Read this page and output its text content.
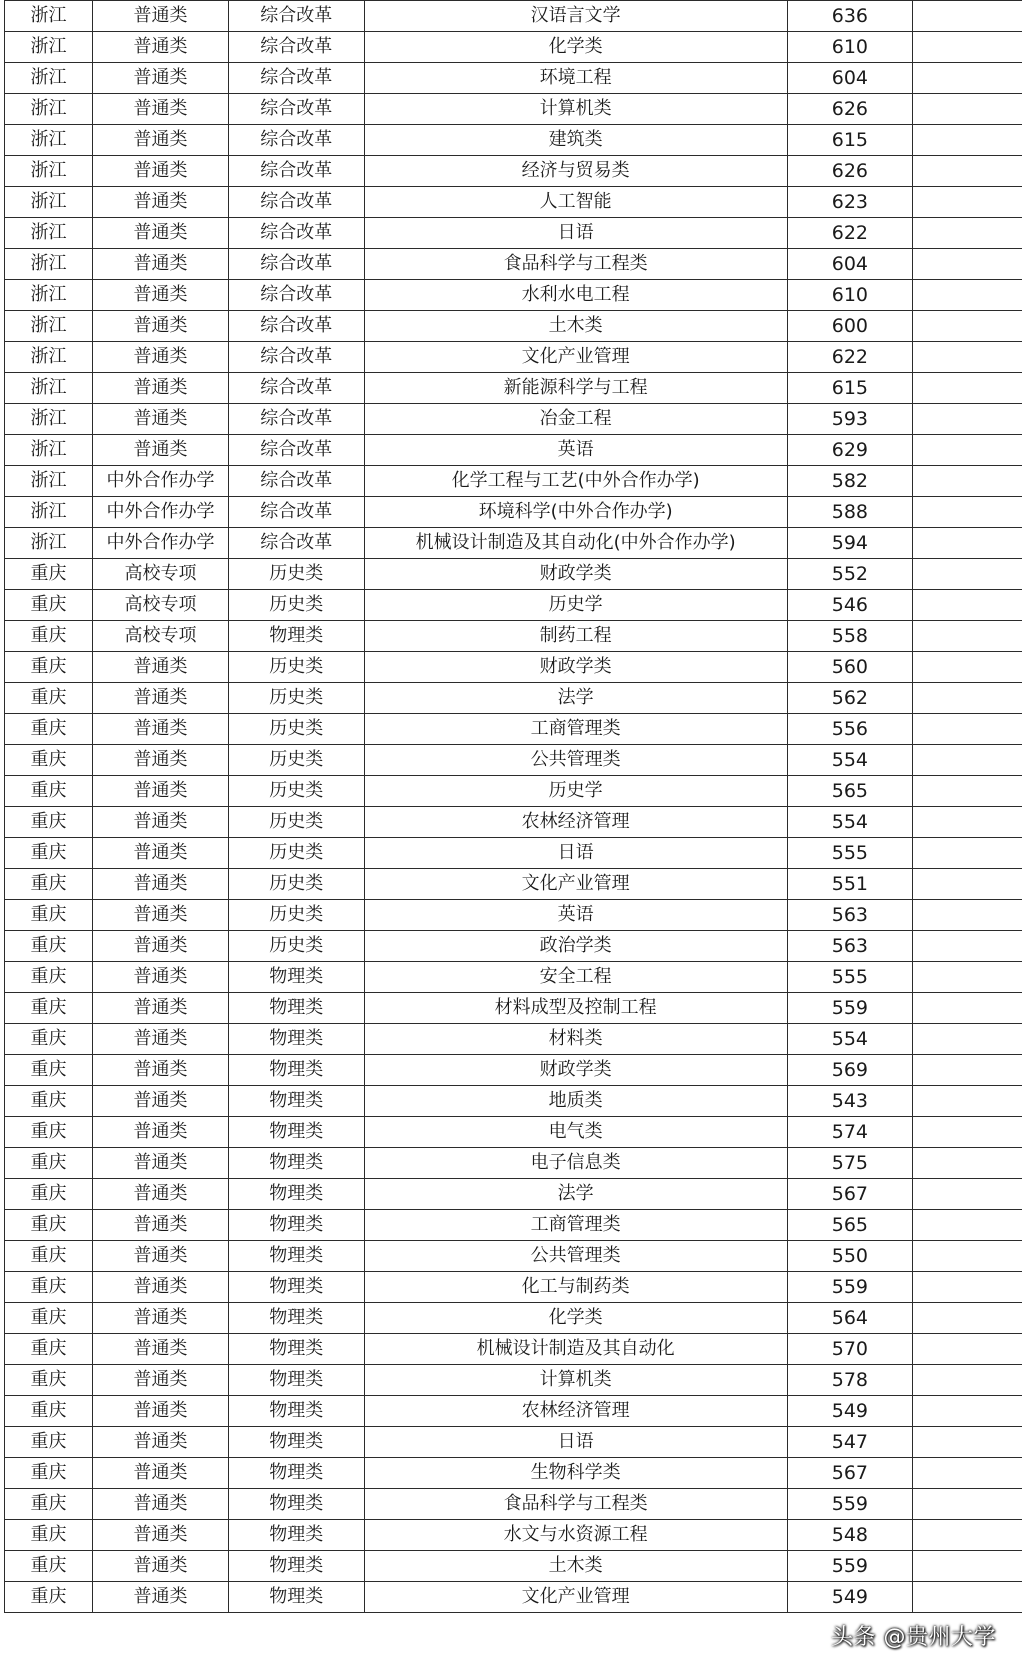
浙江	普通类	综合改革	汉语言文学	636	
浙江	普通类	综合改革	化学类	610	
浙江	普通类	综合改革	环境工程	604	
浙江	普通类	综合改革	计算机类	626	
浙江	普通类	综合改革	建筑类	615	
浙江	普通类	综合改革	经济与贸易类	626	
浙江	普通类	综合改革	人工智能	623	
浙江	普通类	综合改革	日语	622	
浙江	普通类	综合改革	食品科学与工程类	604	
浙江	普通类	综合改革	水利水电工程	610	
浙江	普通类	综合改革	土木类	600	
浙江	普通类	综合改革	文化产业管理	622	
浙江	普通类	综合改革	新能源科学与工程	615	
浙江	普通类	综合改革	冶金工程	593	
浙江	普通类	综合改革	英语	629	
浙江	中外合作办学	综合改革	化学工程与工艺(中外合作办学)	582	
浙江	中外合作办学	综合改革	环境科学(中外合作办学)	588	
浙江	中外合作办学	综合改革	机械设计制造及其自动化(中外合作办学)	594	
重庆	高校专项	历史类	财政学类	552	
重庆	高校专项	历史类	历史学	546	
重庆	高校专项	物理类	制药工程	558	
重庆	普通类	历史类	财政学类	560	
重庆	普通类	历史类	法学	562	
重庆	普通类	历史类	工商管理类	556	
重庆	普通类	历史类	公共管理类	554	
重庆	普通类	历史类	历史学	565	
重庆	普通类	历史类	农林经济管理	554	
重庆	普通类	历史类	日语	555	
重庆	普通类	历史类	文化产业管理	551	
重庆	普通类	历史类	英语	563	
重庆	普通类	历史类	政治学类	563	
重庆	普通类	物理类	安全工程	555	
重庆	普通类	物理类	材料成型及控制工程	559	
重庆	普通类	物理类	材料类	554	
重庆	普通类	物理类	财政学类	569	
重庆	普通类	物理类	地质类	543	
重庆	普通类	物理类	电气类	574	
重庆	普通类	物理类	电子信息类	575	
重庆	普通类	物理类	法学	567	
重庆	普通类	物理类	工商管理类	565	
重庆	普通类	物理类	公共管理类	550	
重庆	普通类	物理类	化工与制药类	559	
重庆	普通类	物理类	化学类	564	
重庆	普通类	物理类	机械设计制造及其自动化	570	
重庆	普通类	物理类	计算机类	578	
重庆	普通类	物理类	农林经济管理	549	
重庆	普通类	物理类	日语	547	
重庆	普通类	物理类	生物科学类	567	
重庆	普通类	物理类	食品科学与工程类	559	
重庆	普通类	物理类	水文与水资源工程	548	
重庆	普通类	物理类	土木类	559	
重庆	普通类	物理类	文化产业管理	549	
头条 @贵州大学
